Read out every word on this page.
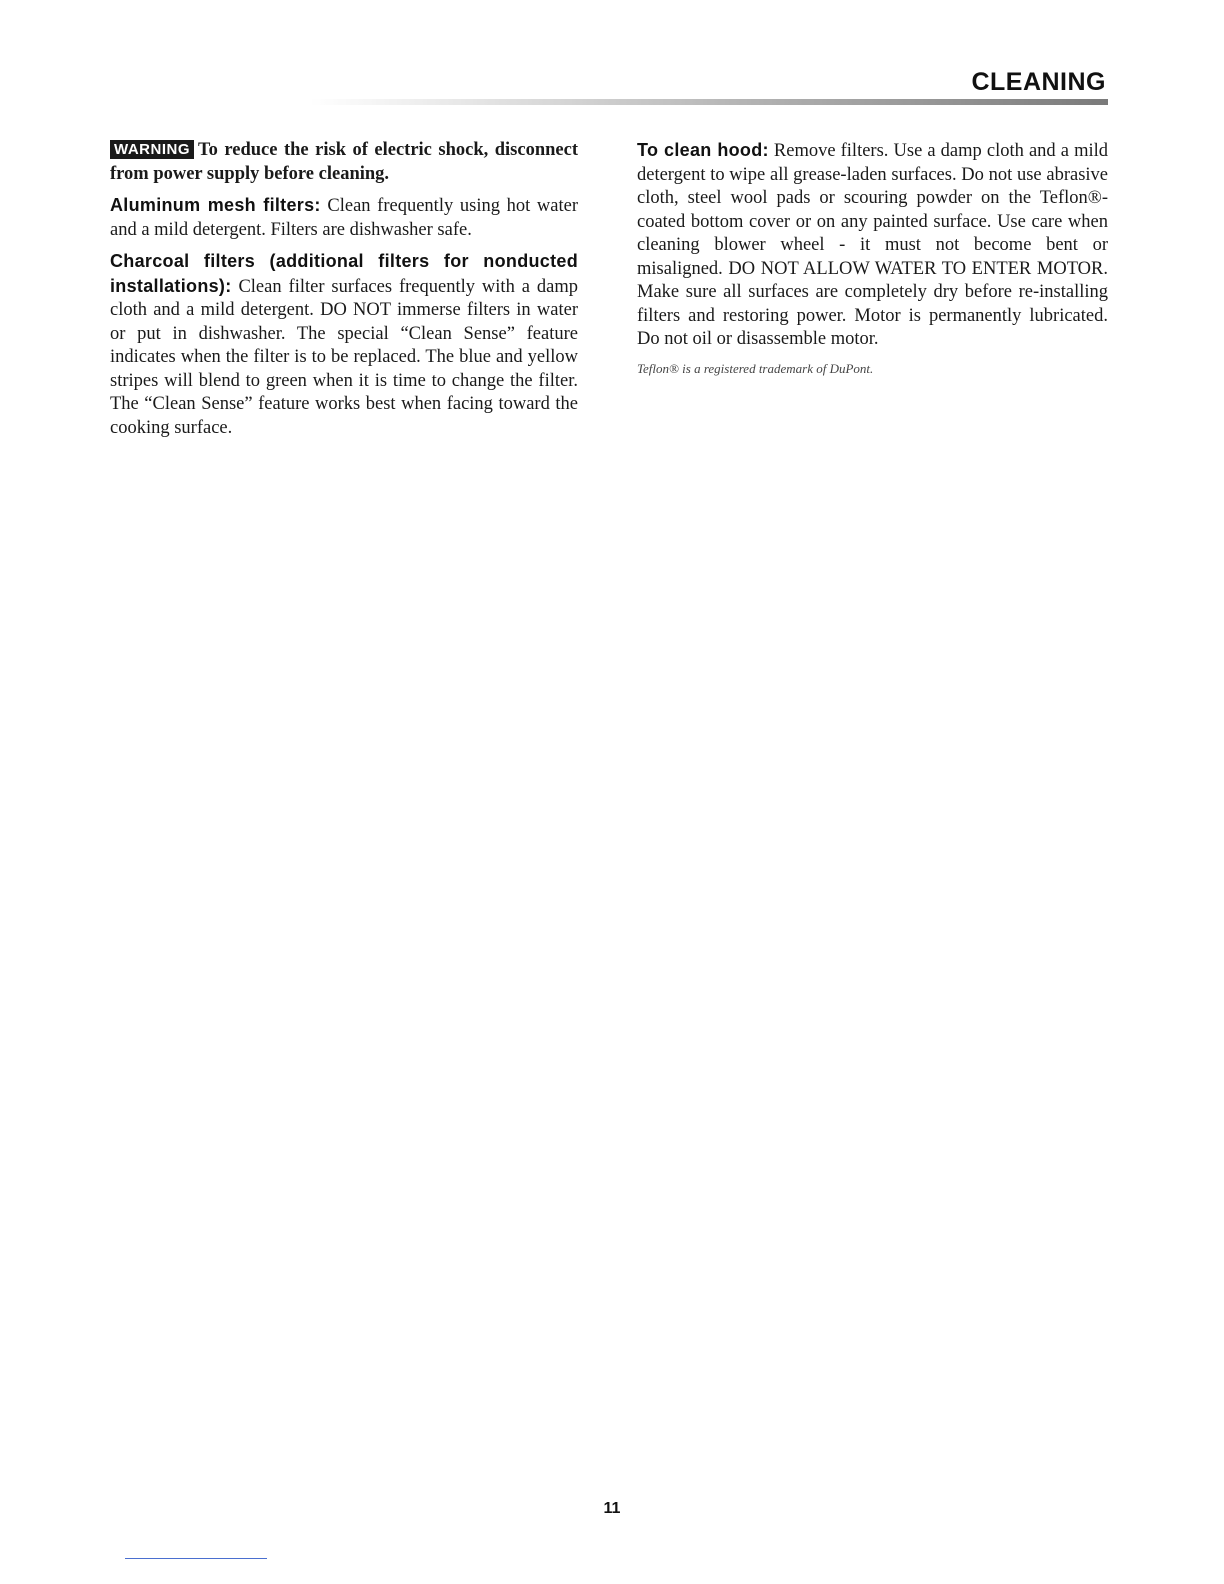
CLEANING

WARNING To reduce the risk of electric shock, disconnect from power supply before cleaning.

Aluminum mesh filters: Clean frequently using hot water and a mild detergent. Filters are dishwasher safe.

Charcoal filters (additional filters for nonducted installations): Clean filter surfaces frequently with a damp cloth and a mild detergent. DO NOT immerse filters in water or put in dishwasher. The special “Clean Sense” feature indicates when the filter is to be replaced. The blue and yellow stripes will blend to green when it is time to change the filter. The “Clean Sense” feature works best when facing toward the cooking surface.

To clean hood: Remove filters. Use a damp cloth and a mild detergent to wipe all grease-laden surfaces. Do not use abrasive cloth, steel wool pads or scouring powder on the Teflon®-coated bottom cover or on any painted surface. Use care when cleaning blower wheel - it must not become bent or misaligned. DO NOT ALLOW WATER TO ENTER MOTOR. Make sure all surfaces are completely dry before re-installing filters and restoring power. Motor is permanently lubricated. Do not oil or disassemble motor.

Teflon® is a registered trademark of DuPont.

11
